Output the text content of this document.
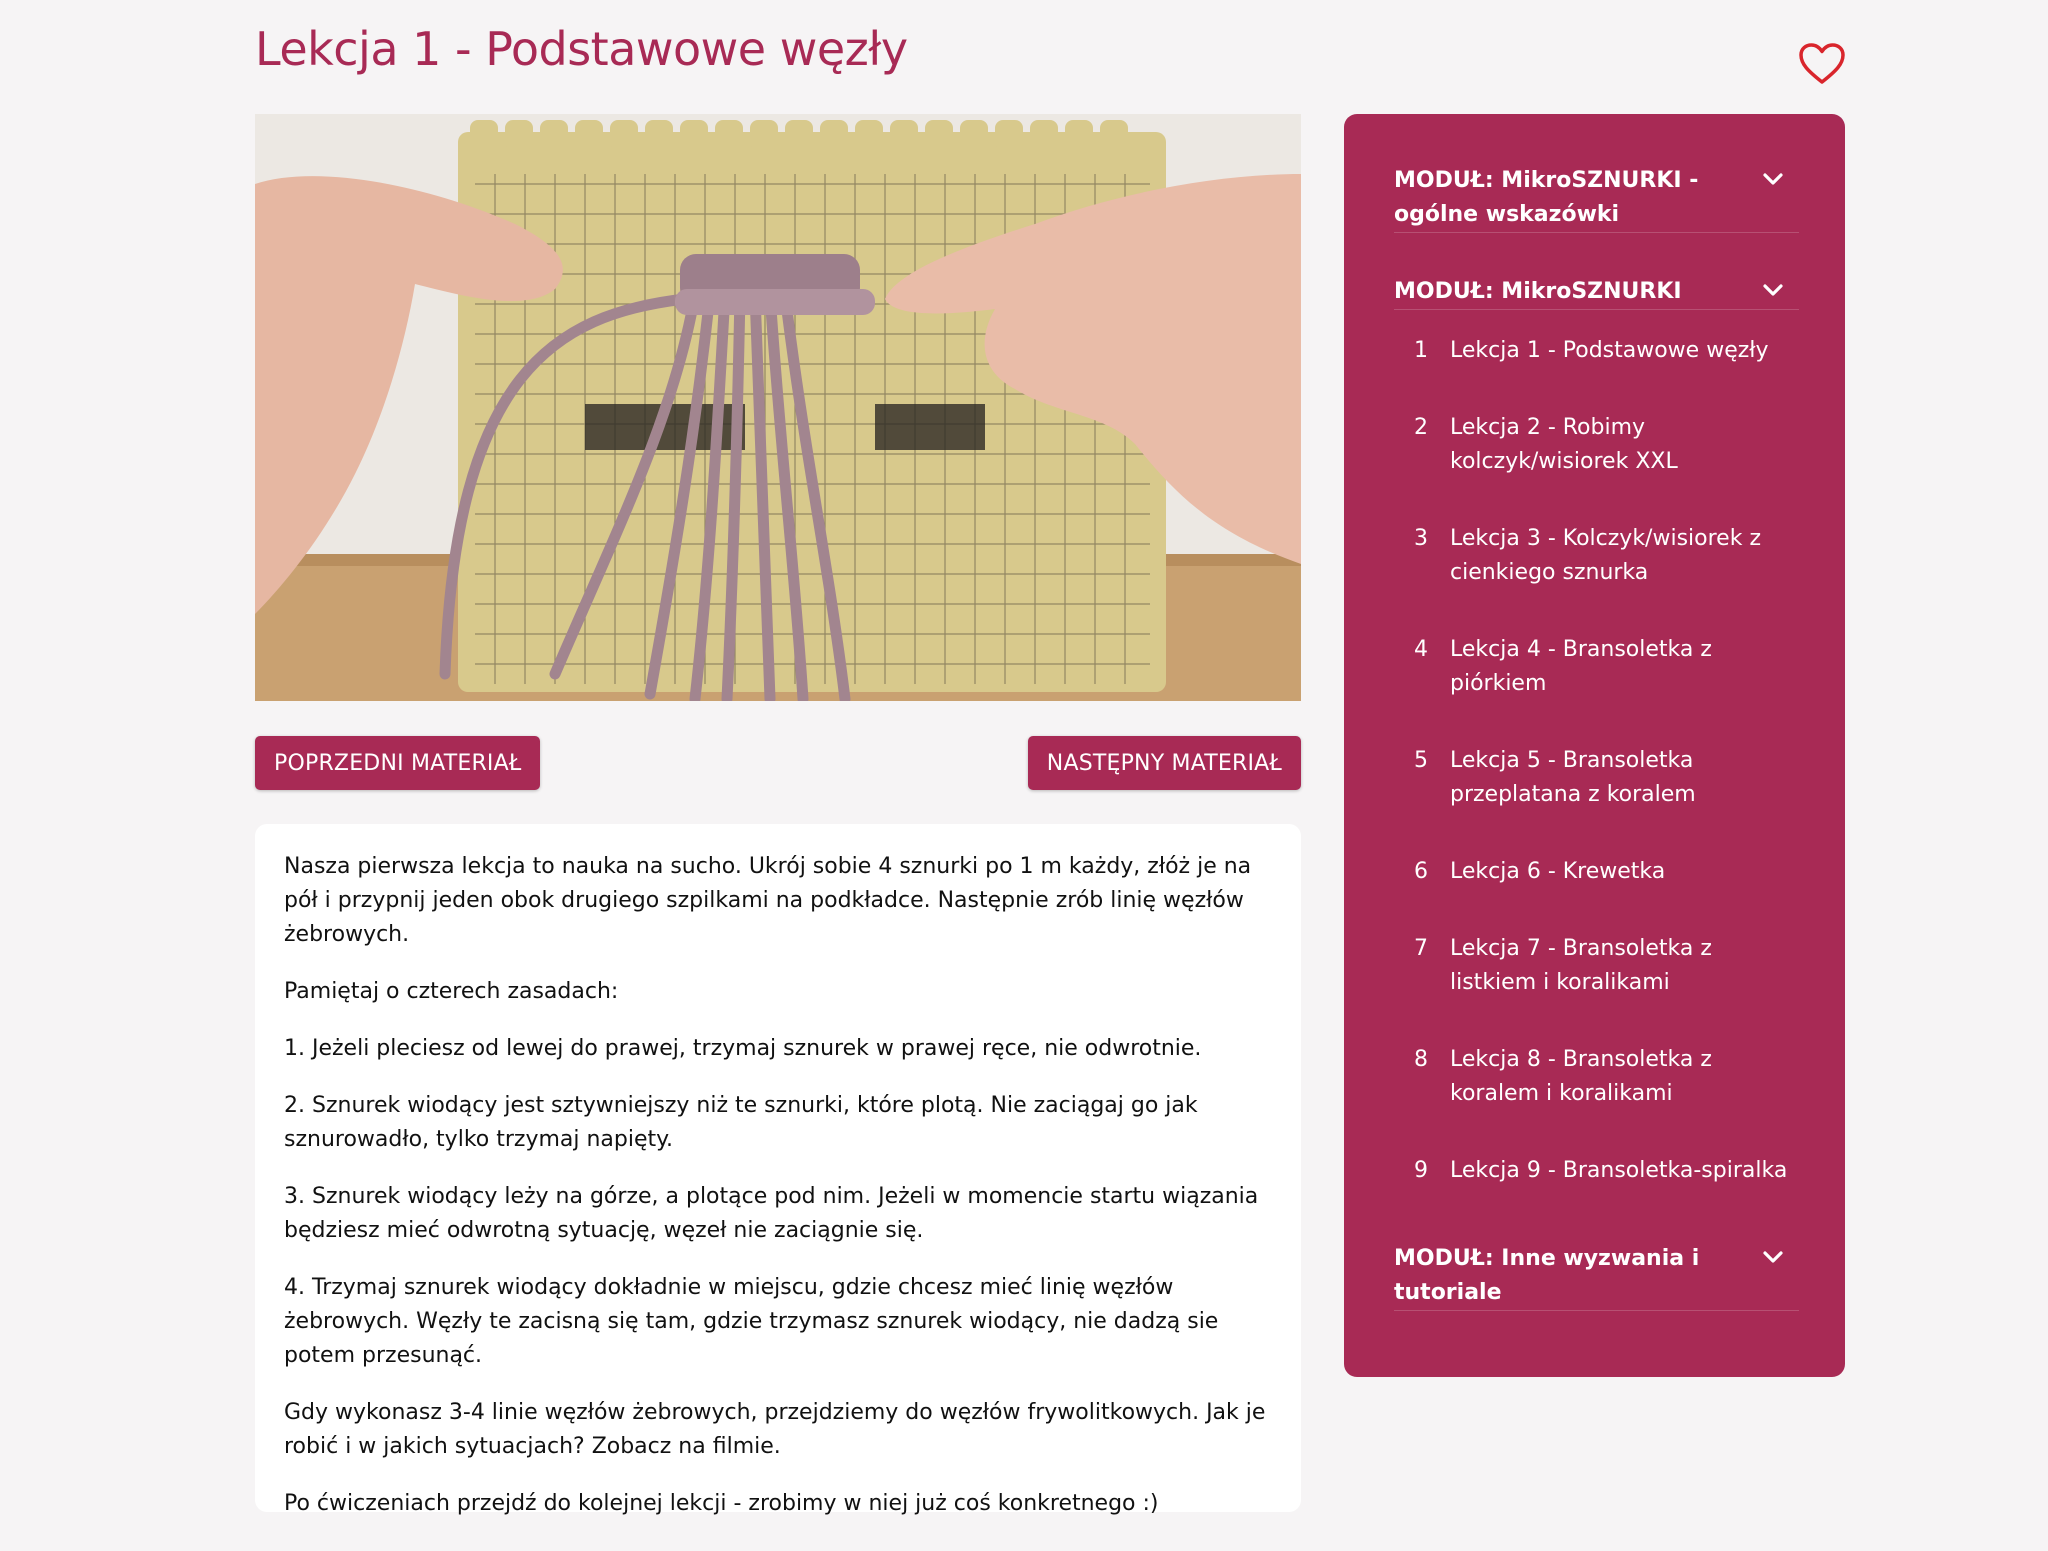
Lekcja 1 - Podstawowe węzły
POPRZEDNI MATERIAŁ	NASTĘPNY MATERIAŁ

Nasza pierwsza lekcja to nauka na sucho. Ukrój sobie 4 sznurki po 1 m każdy, złóż je na pół i przypnij jeden obok drugiego szpilkami na podkładce. Następnie zrób linię węzłów żebrowych.

Pamiętaj o czterech zasadach:

1. Jeżeli pleciesz od lewej do prawej, trzymaj sznurek w prawej ręce, nie odwrotnie.

2. Sznurek wiodący jest sztywniejszy niż te sznurki, które plotą. Nie zaciągaj go jak sznurowadło, tylko trzymaj napięty.

3. Sznurek wiodący leży na górze, a plotące pod nim. Jeżeli w momencie startu wiązania będziesz mieć odwrotną sytuację, węzeł nie zaciągnie się.

4. Trzymaj sznurek wiodący dokładnie w miejscu, gdzie chcesz mieć linię węzłów żebrowych. Węzły te zacisną się tam, gdzie trzymasz sznurek wiodący, nie dadzą sie potem przesunąć.

Gdy wykonasz 3-4 linie węzłów żebrowych, przejdziemy do węzłów frywolitkowych. Jak je robić i w jakich sytuacjach? Zobacz na filmie.

Po ćwiczeniach przejdź do kolejnej lekcji - zrobimy w niej już coś konkretnego :)

MODUŁ: MikroSZNURKI - ogólne wskazówki
MODUŁ: MikroSZNURKI
1	Lekcja 1 - Podstawowe węzły
2	Lekcja 2 - Robimy kolczyk/wisiorek XXL
3	Lekcja 3 - Kolczyk/wisiorek z cienkiego sznurka
4	Lekcja 4 - Bransoletka z piórkiem
5	Lekcja 5 - Bransoletka przeplatana z koralem
6	Lekcja 6 - Krewetka
7	Lekcja 7 - Bransoletka z listkiem i koralikami
8	Lekcja 8 - Bransoletka z koralem i koralikami
9	Lekcja 9 - Bransoletka-spiralka
MODUŁ: Inne wyzwania i tutoriale
